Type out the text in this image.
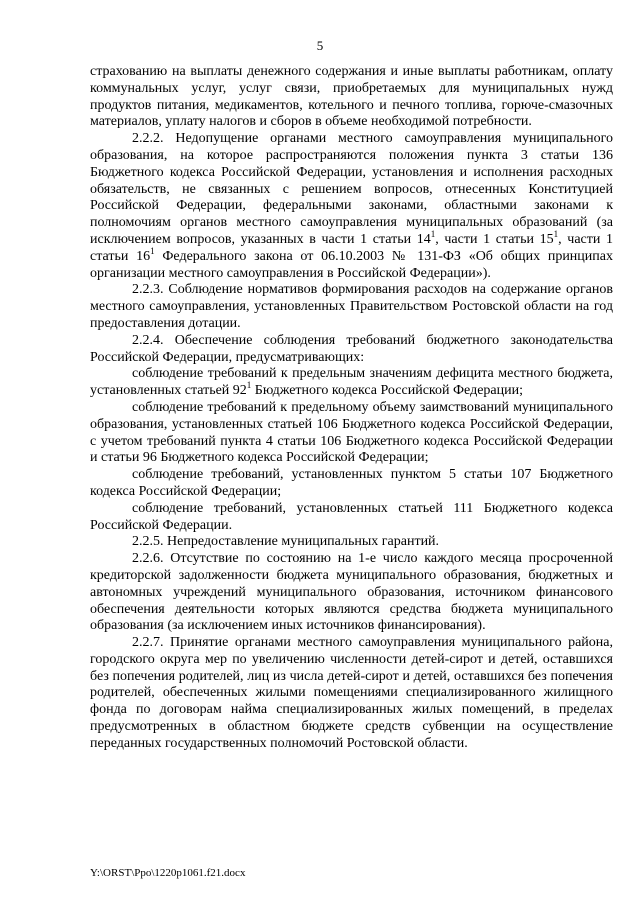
5

страхованию на выплаты денежного содержания и иные выплаты работникам, оплату коммунальных услуг, услуг связи, приобретаемых для муниципальных нужд продуктов питания, медикаментов, котельного и печного топлива, горюче-смазочных материалов, уплату налогов и сборов в объеме необходимой потребности.

2.2.2. Недопущение органами местного самоуправления муниципального образования, на которое распространяются положения пункта 3 статьи 136 Бюджетного кодекса Российской Федерации, установления и исполнения расходных обязательств, не связанных с решением вопросов, отнесенных Конституцией Российской Федерации, федеральными законами, областными законами к полномочиям органов местного самоуправления муниципальных образований (за исключением вопросов, указанных в части 1 статьи $14^1$, части 1 статьи $15^1$, части 1 статьи $16^1$ Федерального закона от 06.10.2003 № 131-ФЗ «Об общих принципах организации местного самоуправления в Российской Федерации»).

2.2.3. Соблюдение нормативов формирования расходов на содержание органов местного самоуправления, установленных Правительством Ростовской области на год предоставления дотации.

2.2.4. Обеспечение соблюдения требований бюджетного законодательства Российской Федерации, предусматривающих:

соблюдение требований к предельным значениям дефицита местного бюджета, установленных статьей $92^1$ Бюджетного кодекса Российской Федерации;

соблюдение требований к предельному объему заимствований муниципального образования, установленных статьей 106 Бюджетного кодекса Российской Федерации, с учетом требований пункта 4 статьи 106 Бюджетного кодекса Российской Федерации и статьи 96 Бюджетного кодекса Российской Федерации;

соблюдение требований, установленных пунктом 5 статьи 107 Бюджетного кодекса Российской Федерации;

соблюдение требований, установленных статьей 111 Бюджетного кодекса Российской Федерации.

2.2.5. Непредоставление муниципальных гарантий.

2.2.6. Отсутствие по состоянию на 1-е число каждого месяца просроченной кредиторской задолженности бюджета муниципального образования, бюджетных и автономных учреждений муниципального образования, источником финансового обеспечения деятельности которых являются средства бюджета муниципального образования (за исключением иных источников финансирования).

2.2.7. Принятие органами местного самоуправления муниципального района, городского округа мер по увеличению численности детей-сирот и детей, оставшихся без попечения родителей, лиц из числа детей-сирот и детей, оставшихся без попечения родителей, обеспеченных жилыми помещениями специализированного жилищного фонда по договорам найма специализированных жилых помещений, в пределах предусмотренных в областном бюджете средств субвенции на осуществление переданных государственных полномочий Ростовской области.

Y:\ORST\Ppo\1220p1061.f21.docx
